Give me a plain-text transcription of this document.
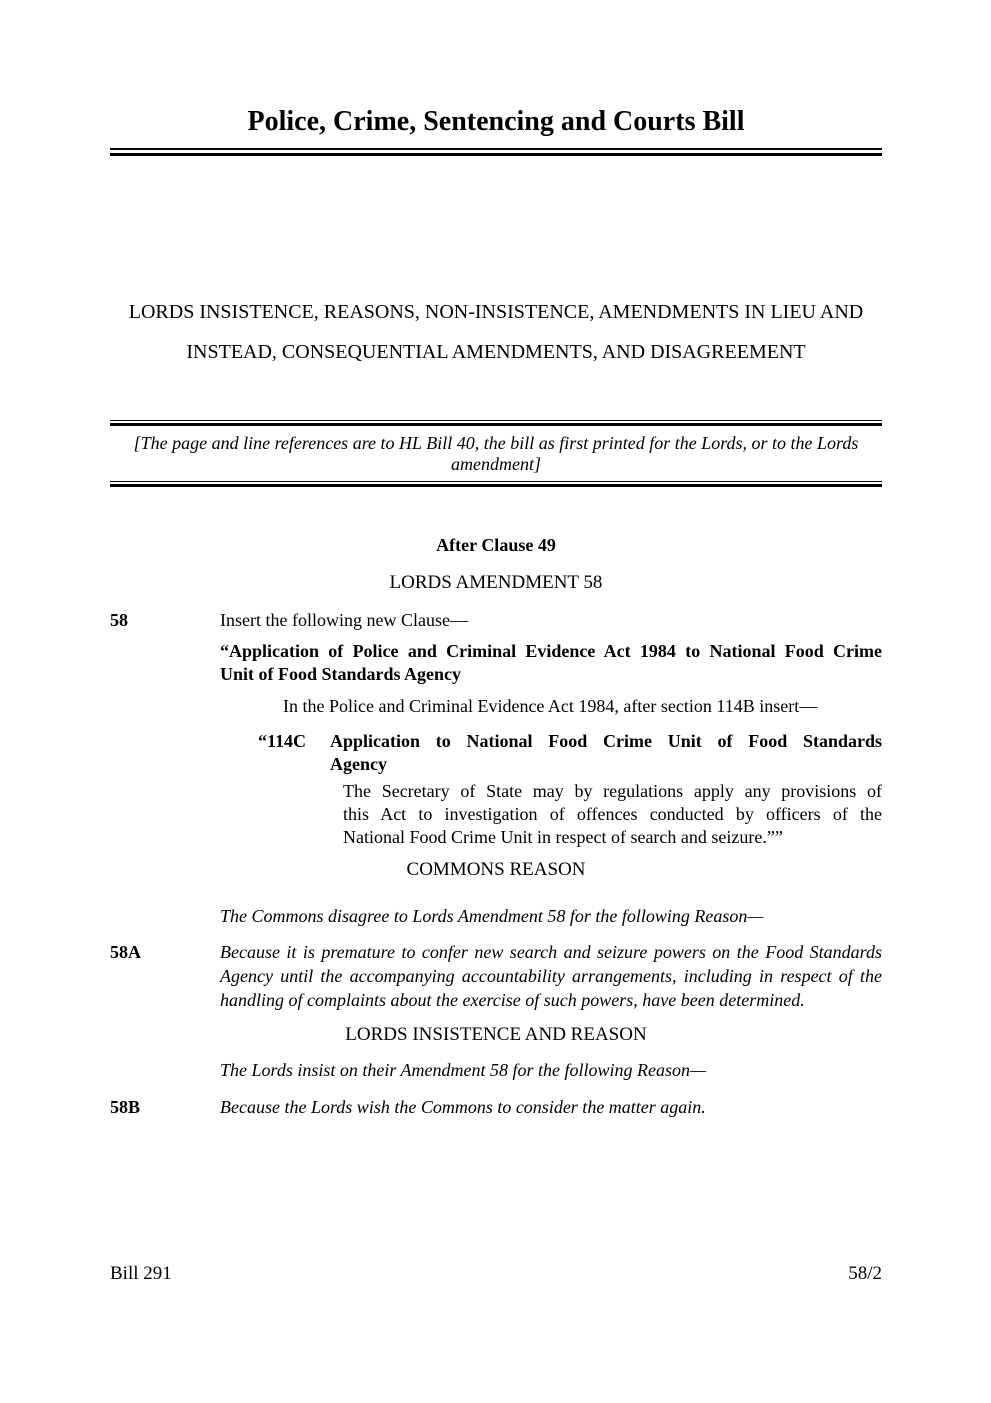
Police, Crime, Sentencing and Courts Bill
LORDS INSISTENCE, REASONS, NON-INSISTENCE, AMENDMENTS IN LIEU AND
INSTEAD, CONSEQUENTIAL AMENDMENTS, AND DISAGREEMENT
[The page and line references are to HL Bill 40, the bill as first printed for the Lords, or to the Lords amendment]
After Clause 49
LORDS AMENDMENT 58
58	Insert the following new Clause—
“Application of Police and Criminal Evidence Act 1984 to National Food Crime
Unit of Food Standards Agency
In the Police and Criminal Evidence Act 1984, after section 114B insert—
“114C	Application to National Food Crime Unit of Food Standards
Agency
The Secretary of State may by regulations apply any provisions of
this Act to investigation of offences conducted by officers of the
National Food Crime Unit in respect of search and seizure.””
COMMONS REASON
The Commons disagree to Lords Amendment 58 for the following Reason—
58A	Because it is premature to confer new search and seizure powers on the Food Standards
Agency until the accompanying accountability arrangements, including in respect of the
handling of complaints about the exercise of such powers, have been determined.
LORDS INSISTENCE AND REASON
The Lords insist on their Amendment 58 for the following Reason—
58B	Because the Lords wish the Commons to consider the matter again.
Bill 291	58/2
